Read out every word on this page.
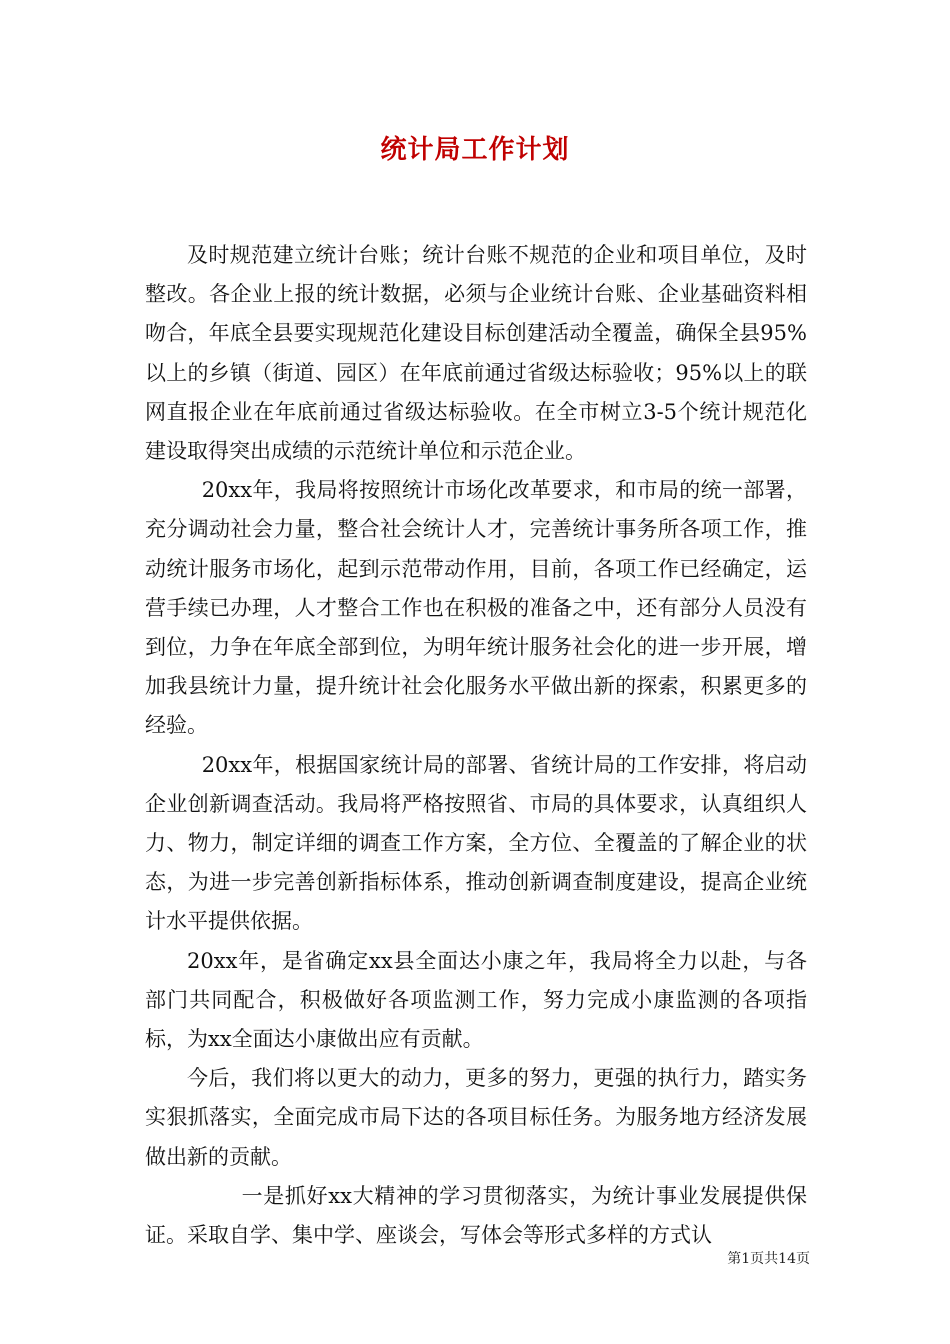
统计局工作计划

及时规范建立统计台账；统计台账不规范的企业和项目单位，及时整改。各企业上报的统计数据，必须与企业统计台账、企业基础资料相吻合，年底全县要实现规范化建设目标创建活动全覆盖，确保全县95%以上的乡镇（街道、园区）在年底前通过省级达标验收；95%以上的联网直报企业在年底前通过省级达标验收。在全市树立3-5个统计规范化建设取得突出成绩的示范统计单位和示范企业。

20xx年，我局将按照统计市场化改革要求，和市局的统一部署，充分调动社会力量，整合社会统计人才，完善统计事务所各项工作，推动统计服务市场化，起到示范带动作用，目前，各项工作已经确定，运营手续已办理，人才整合工作也在积极的准备之中，还有部分人员没有到位，力争在年底全部到位，为明年统计服务社会化的进一步开展，增加我县统计力量，提升统计社会化服务水平做出新的探索，积累更多的经验。

20xx年，根据国家统计局的部署、省统计局的工作安排，将启动企业创新调查活动。我局将严格按照省、市局的具体要求，认真组织人力、物力，制定详细的调查工作方案，全方位、全覆盖的了解企业的状态，为进一步完善创新指标体系，推动创新调查制度建设，提高企业统计水平提供依据。

20xx年，是省确定xx县全面达小康之年，我局将全力以赴，与各部门共同配合，积极做好各项监测工作，努力完成小康监测的各项指标，为xx全面达小康做出应有贡献。

今后，我们将以更大的动力，更多的努力，更强的执行力，踏实务实狠抓落实，全面完成市局下达的各项目标任务。为服务地方经济发展做出新的贡献。

一是抓好xx大精神的学习贯彻落实，为统计事业发展提供保证。采取自学、集中学、座谈会，写体会等形式多样的方式认

第1页共14页
